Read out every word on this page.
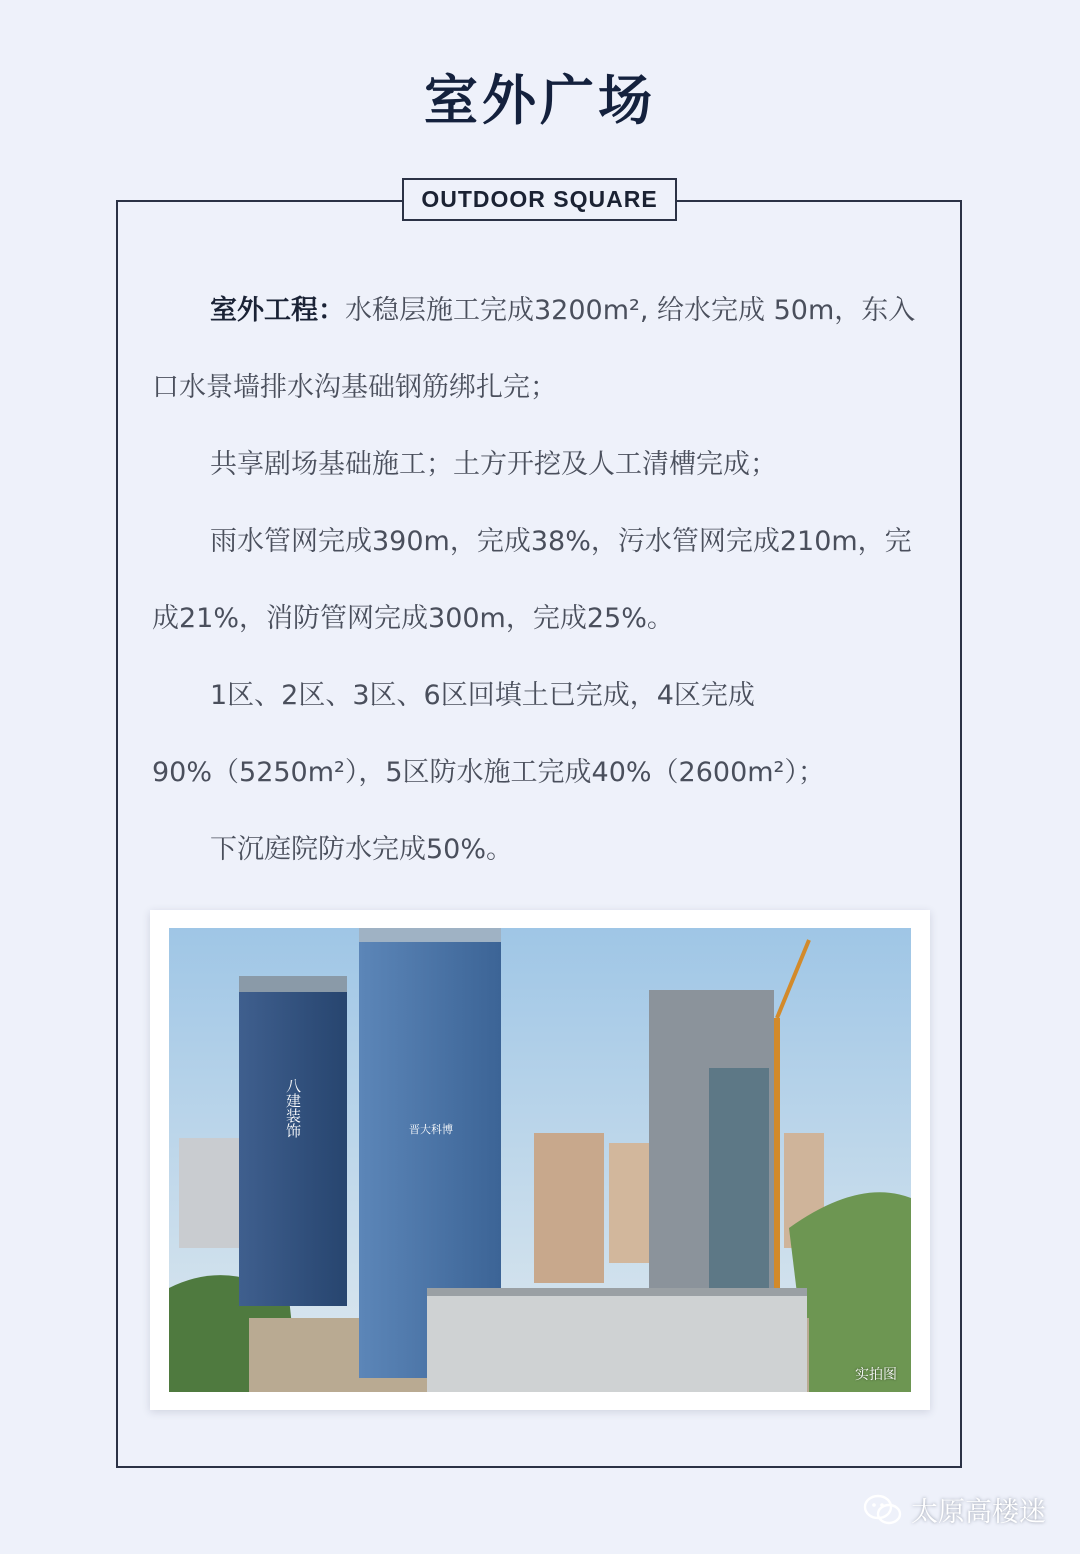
室外广场
OUTDOOR SQUARE

室外工程：水稳层施工完成3200m², 给水完成 50m，东入口水景墙排水沟基础钢筋绑扎完；

共享剧场基础施工；土方开挖及人工清槽完成；

雨水管网完成390m，完成38%，污水管网完成210m，完成21%，消防管网完成300m，完成25%。

1区、2区、3区、6区回填土已完成，4区完成90%（5250m²），5区防水施工完成40%（2600m²）；

下沉庭院防水完成50%。

八建装饰	晋大科博
实拍图
太原高楼迷
